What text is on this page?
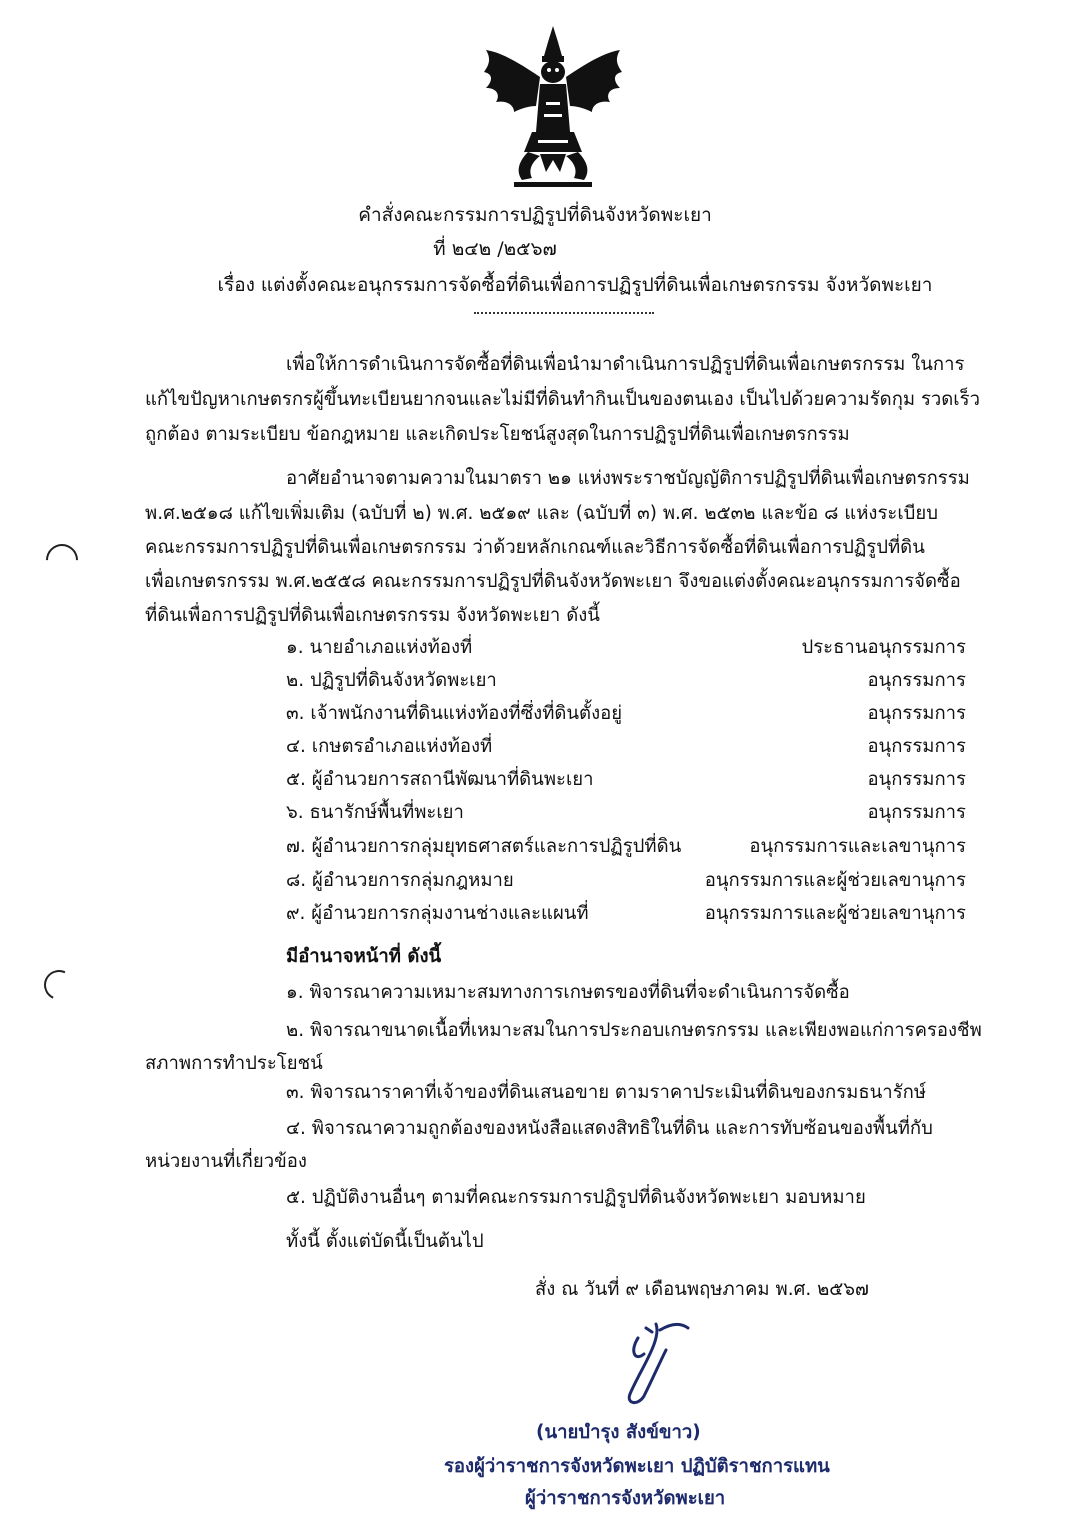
คำสั่งคณะกรรมการปฏิรูปที่ดินจังหวัดพะเยา
ที่ ๒๔๒ /๒๕๖๗
เรื่อง แต่งตั้งคณะอนุกรรมการจัดซื้อที่ดินเพื่อการปฏิรูปที่ดินเพื่อเกษตรกรรม จังหวัดพะเยา
เพื่อให้การดำเนินการจัดซื้อที่ดินเพื่อนำมาดำเนินการปฏิรูปที่ดินเพื่อเกษตรกรรม ในการ
แก้ไขปัญหาเกษตรกรผู้ขึ้นทะเบียนยากจนและไม่มีที่ดินทำกินเป็นของตนเอง เป็นไปด้วยความรัดกุม รวดเร็ว
ถูกต้อง ตามระเบียบ ข้อกฎหมาย และเกิดประโยชน์สูงสุดในการปฏิรูปที่ดินเพื่อเกษตรกรรม
อาศัยอำนาจตามความในมาตรา ๒๑ แห่งพระราชบัญญัติการปฏิรูปที่ดินเพื่อเกษตรกรรม
พ.ศ.๒๕๑๘ แก้ไขเพิ่มเติม (ฉบับที่ ๒) พ.ศ. ๒๕๑๙ และ (ฉบับที่ ๓) พ.ศ. ๒๕๓๒ และข้อ ๘ แห่งระเบียบ
คณะกรรมการปฏิรูปที่ดินเพื่อเกษตรกรรม ว่าด้วยหลักเกณฑ์และวิธีการจัดซื้อที่ดินเพื่อการปฏิรูปที่ดิน
เพื่อเกษตรกรรม พ.ศ.๒๕๕๘ คณะกรรมการปฏิรูปที่ดินจังหวัดพะเยา จึงขอแต่งตั้งคณะอนุกรรมการจัดซื้อ
ที่ดินเพื่อการปฏิรูปที่ดินเพื่อเกษตรกรรม จังหวัดพะเยา ดังนี้
๑. นายอำเภอแห่งท้องที่	ประธานอนุกรรมการ
๒. ปฏิรูปที่ดินจังหวัดพะเยา	อนุกรรมการ
๓. เจ้าพนักงานที่ดินแห่งท้องที่ซึ่งที่ดินตั้งอยู่	อนุกรรมการ
๔. เกษตรอำเภอแห่งท้องที่	อนุกรรมการ
๕. ผู้อำนวยการสถานีพัฒนาที่ดินพะเยา	อนุกรรมการ
๖. ธนารักษ์พื้นที่พะเยา	อนุกรรมการ
๗. ผู้อำนวยการกลุ่มยุทธศาสตร์และการปฏิรูปที่ดิน	อนุกรรมการและเลขานุการ
๘. ผู้อำนวยการกลุ่มกฎหมาย	อนุกรรมการและผู้ช่วยเลขานุการ
๙. ผู้อำนวยการกลุ่มงานช่างและแผนที่	อนุกรรมการและผู้ช่วยเลขานุการ
มีอำนาจหน้าที่ ดังนี้
๑. พิจารณาความเหมาะสมทางการเกษตรของที่ดินที่จะดำเนินการจัดซื้อ
๒. พิจารณาขนาดเนื้อที่เหมาะสมในการประกอบเกษตรกรรม และเพียงพอแก่การครองชีพ
สภาพการทำประโยชน์
๓. พิจารณาราคาที่เจ้าของที่ดินเสนอขาย ตามราคาประเมินที่ดินของกรมธนารักษ์
๔. พิจารณาความถูกต้องของหนังสือแสดงสิทธิในที่ดิน และการทับซ้อนของพื้นที่กับ
หน่วยงานที่เกี่ยวข้อง
๕. ปฏิบัติงานอื่นๆ ตามที่คณะกรรมการปฏิรูปที่ดินจังหวัดพะเยา มอบหมาย
ทั้งนี้ ตั้งแต่บัดนี้เป็นต้นไป
สั่ง ณ วันที่ ๙ เดือนพฤษภาคม พ.ศ. ๒๕๖๗
(นายบำรุง สังข์ขาว)
รองผู้ว่าราชการจังหวัดพะเยา ปฏิบัติราชการแทน
ผู้ว่าราชการจังหวัดพะเยา
